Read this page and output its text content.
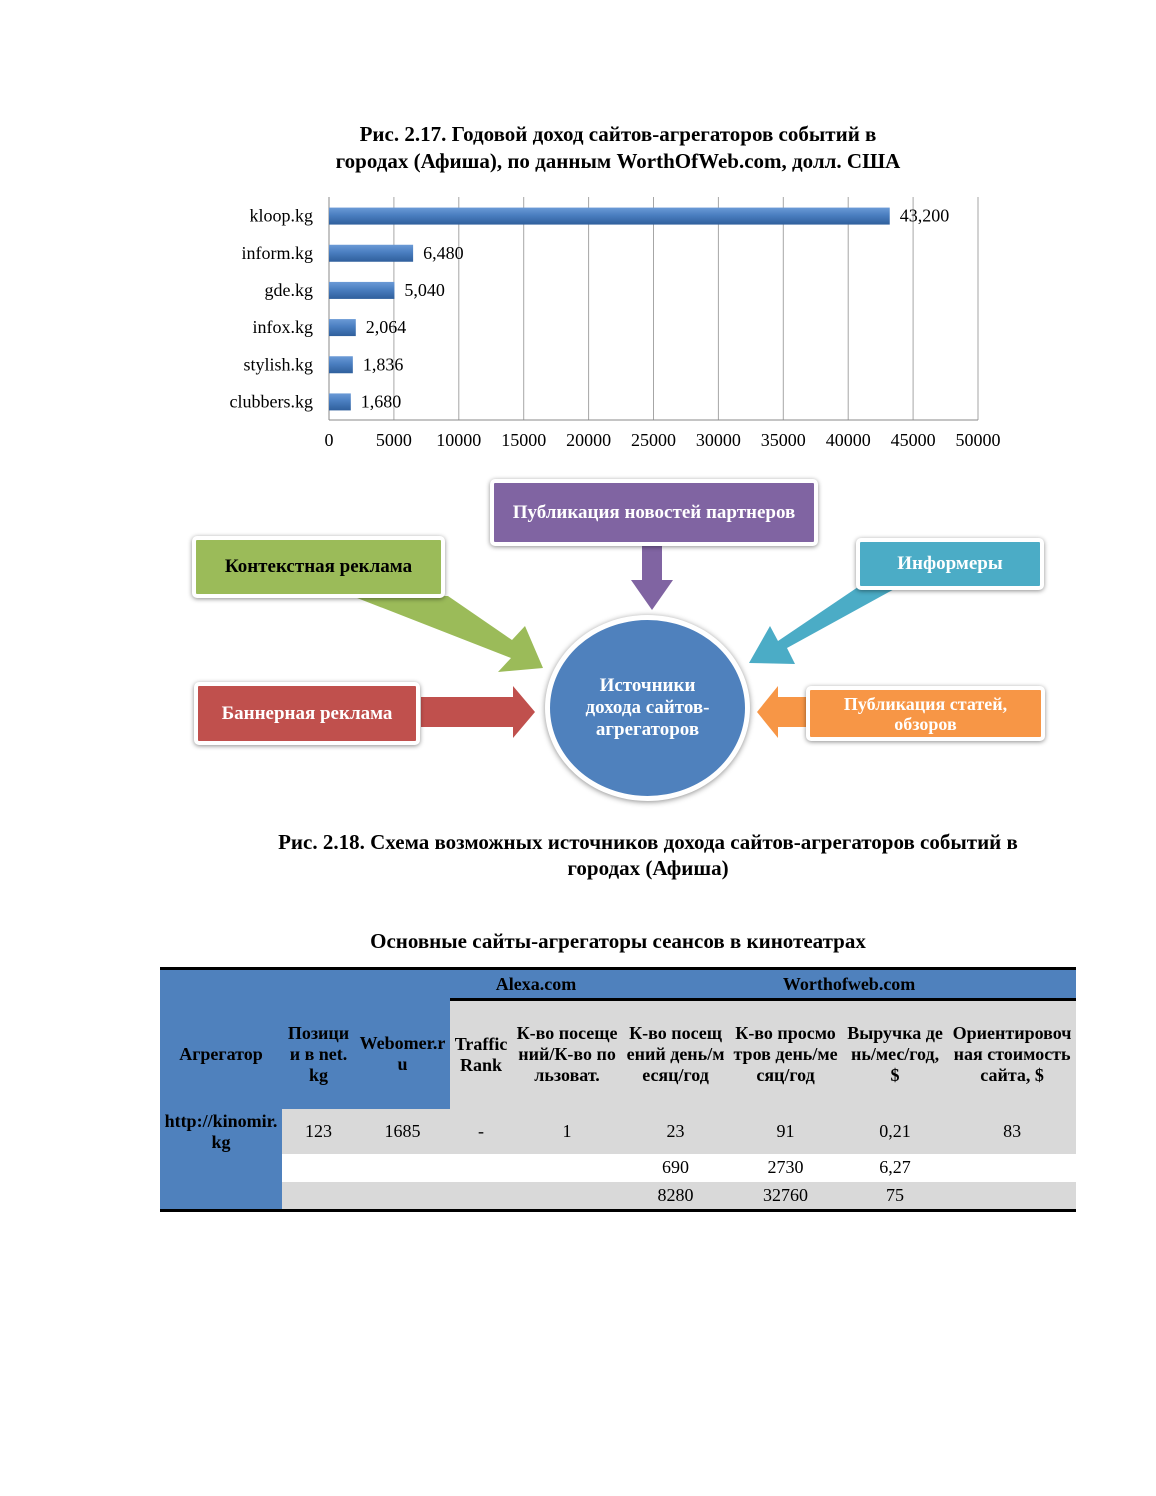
Рис. 2.17. Годовой доход сайтов-агрегаторов событий в
городах (Афиша), по данным WorthOfWeb.com, долл. США
0 5000 10000 15000 20000 25000 30000 35000 40000 45000 50000
kloop.kg	43,200
inform.kg	6,480
gde.kg	5,040
infox.kg	2,064
stylish.kg	1,836
clubbers.kg	1,680
Публикация новостей партнеров
Контекстная реклама	Информеры
Баннерная реклама	Публикация статей, обзоров
Источники дохода сайтов-агрегаторов
Рис. 2.18. Схема возможных источников дохода сайтов-агрегаторов событий в
городах (Афиша)
Основные сайты-агрегаторы сеансов в кинотеатрах
			Alexa.com		Worthofweb.com			
Агрегатор	Позиции в net.kg	Webomer.ru	Traffic Rank	К-во посещений/К-во пользоват.	К-во посещений день/месяц/год	К-во просмотров день/месяц/год	Выручка день/мес/год, $	Ориентировочная стоимость сайта, $
http://kinomir.kg	123	1685	-	1	23	91	0,21	83
					690	2730	6,27	
					8280	32760	75	
